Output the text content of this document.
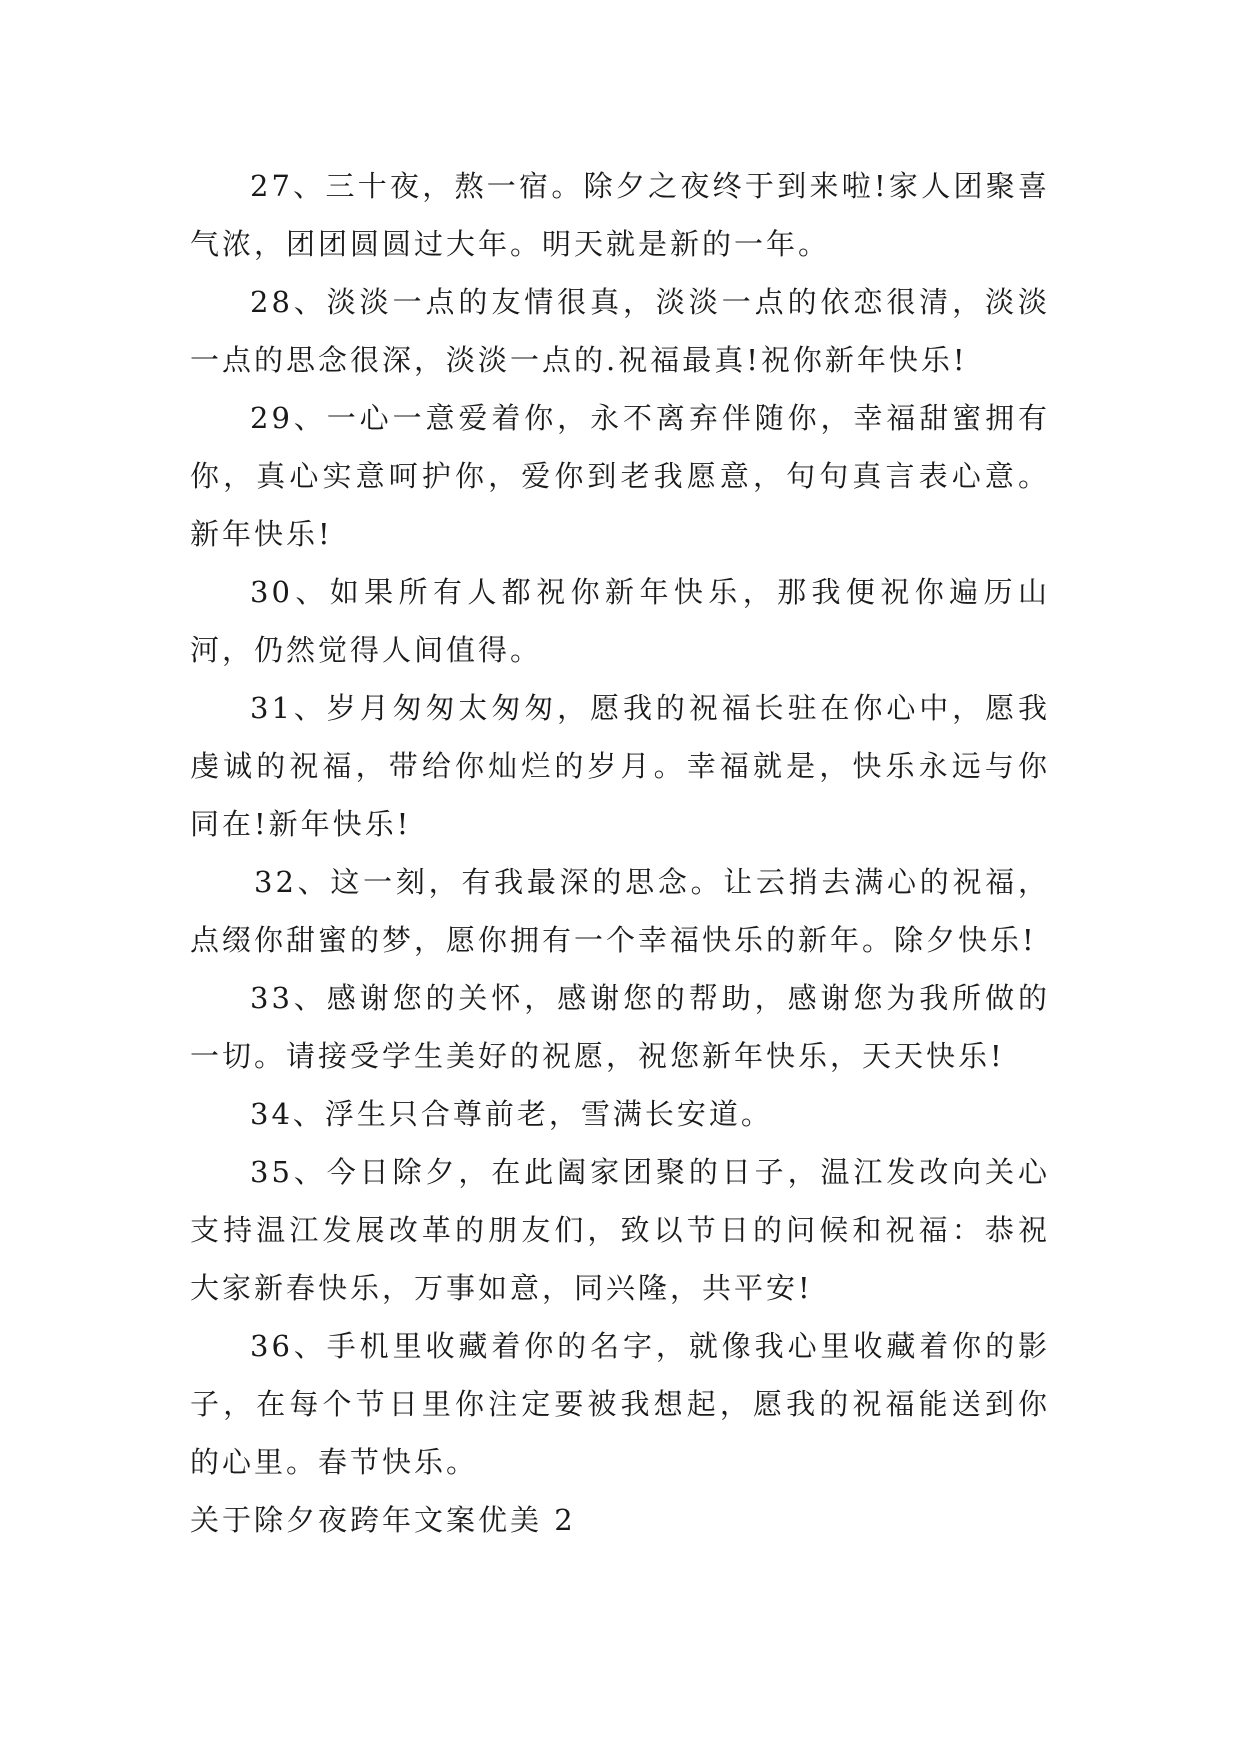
27、三十夜，熬一宿。除夕之夜终于到来啦!家人团聚喜气浓，团团圆圆过大年。明天就是新的一年。

28、淡淡一点的友情很真，淡淡一点的依恋很清，淡淡一点的思念很深，淡淡一点的.祝福最真!祝你新年快乐!

29、一心一意爱着你，永不离弃伴随你，幸福甜蜜拥有你，真心实意呵护你，爱你到老我愿意，句句真言表心意。新年快乐!

30、如果所有人都祝你新年快乐，那我便祝你遍历山河，仍然觉得人间值得。

31、岁月匆匆太匆匆，愿我的祝福长驻在你心中，愿我虔诚的祝福，带给你灿烂的岁月。幸福就是，快乐永远与你同在!新年快乐!

32、这一刻，有我最深的思念。让云捎去满心的祝福，点缀你甜蜜的梦，愿你拥有一个幸福快乐的新年。除夕快乐!

33、感谢您的关怀，感谢您的帮助，感谢您为我所做的一切。请接受学生美好的祝愿，祝您新年快乐，天天快乐!

34、浮生只合尊前老，雪满长安道。

35、今日除夕，在此阖家团聚的日子，温江发改向关心支持温江发展改革的朋友们，致以节日的问候和祝福：恭祝大家新春快乐，万事如意，同兴隆，共平安!

36、手机里收藏着你的名字，就像我心里收藏着你的影子，在每个节日里你注定要被我想起，愿我的祝福能送到你的心里。春节快乐。

关于除夕夜跨年文案优美 2
